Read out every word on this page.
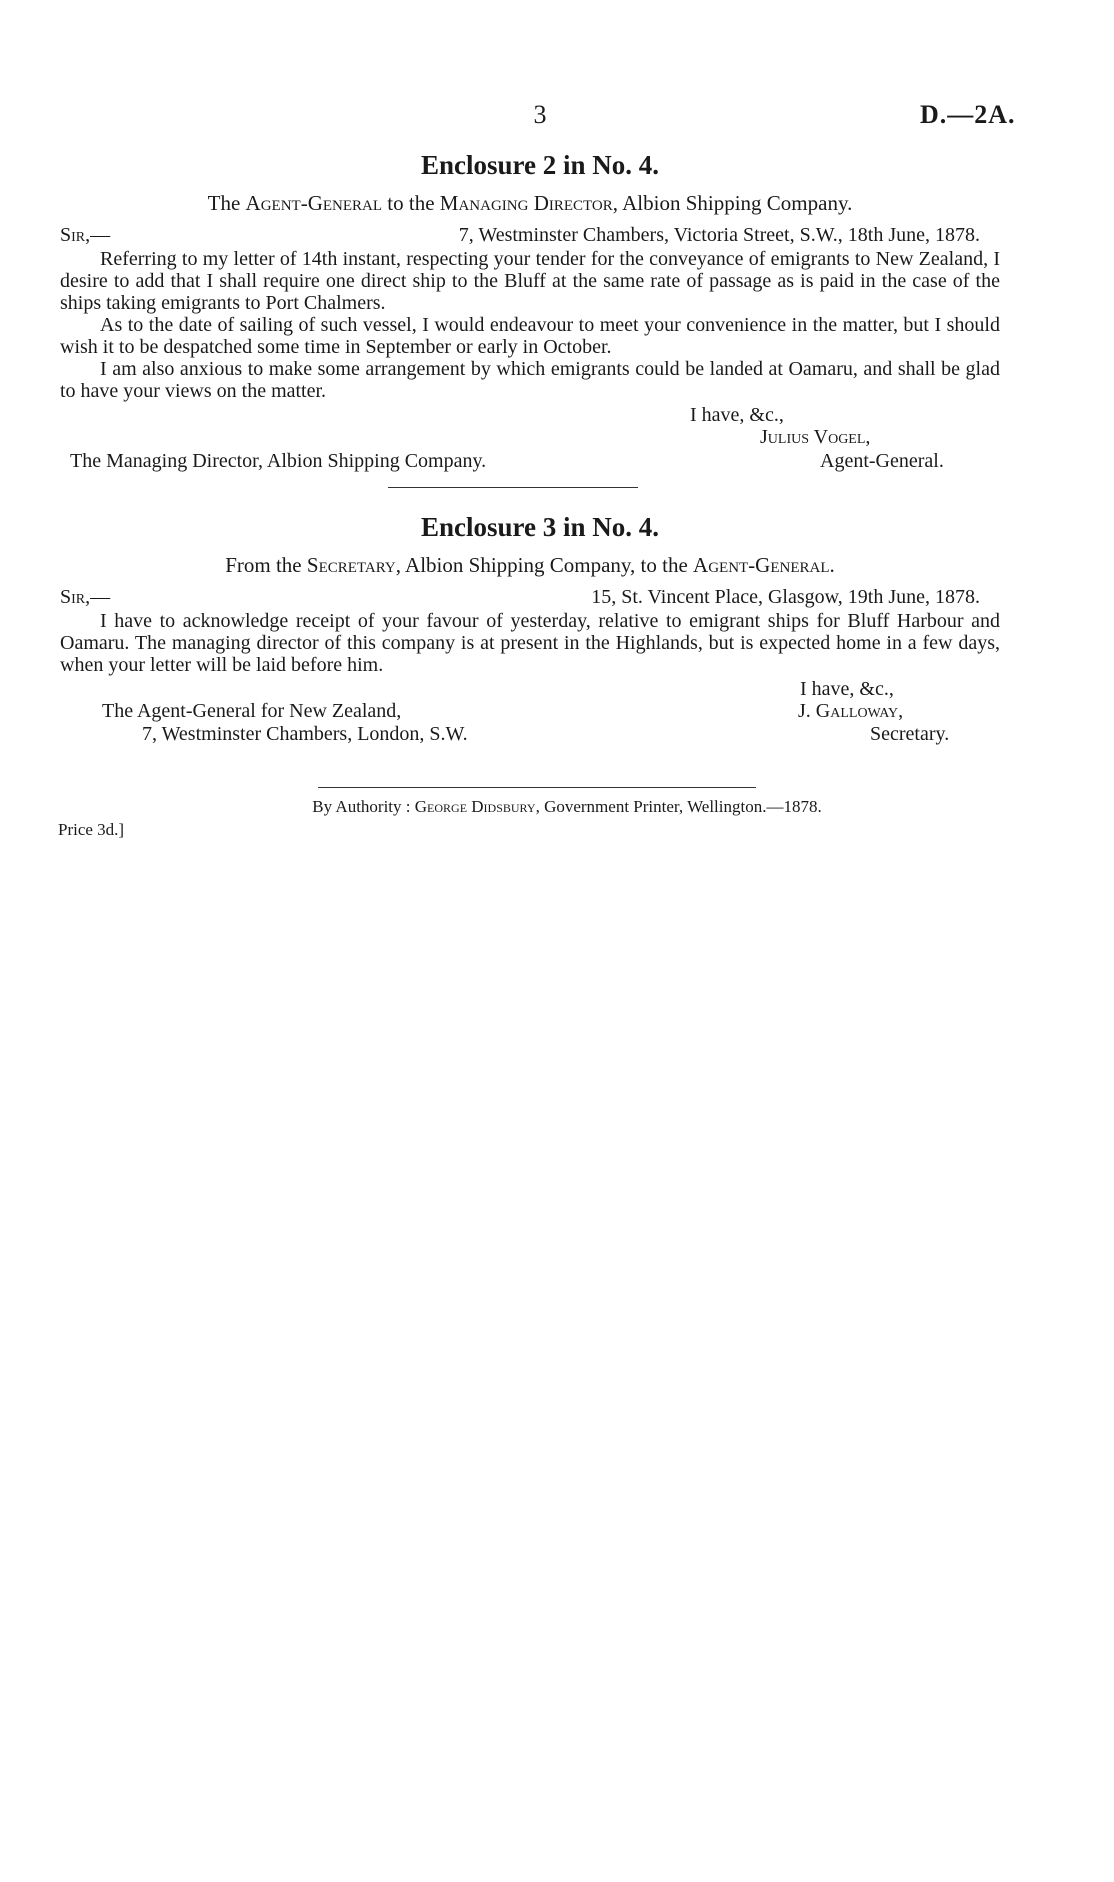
3	D.—2A.
Enclosure 2 in No. 4.

The Agent-General to the Managing Director, Albion Shipping Company.

Sir,—	7, Westminster Chambers, Victoria Street, S.W., 18th June, 1878.

Referring to my letter of 14th instant, respecting your tender for the conveyance of emigrants to New Zealand, I desire to add that I shall require one direct ship to the Bluff at the same rate of passage as is paid in the case of the ships taking emigrants to Port Chalmers.

As to the date of sailing of such vessel, I would endeavour to meet your convenience in the matter, but I should wish it to be despatched some time in September or early in October.

I am also anxious to make some arrangement by which emigrants could be landed at Oamaru, and shall be glad to have your views on the matter.

I have, &c.,
Julius Vogel,
The Managing Director, Albion Shipping Company.	Agent-General.
Enclosure 3 in No. 4.

From the Secretary, Albion Shipping Company, to the Agent-General.

Sir,—	15, St. Vincent Place, Glasgow, 19th June, 1878.

I have to acknowledge receipt of your favour of yesterday, relative to emigrant ships for Bluff Harbour and Oamaru. The managing director of this company is at present in the Highlands, but is expected home in a few days, when your letter will be laid before him.

I have, &c.,
The Agent-General for New Zealand,	J. Galloway,
7, Westminster Chambers, London, S.W.	Secretary.
By Authority : George Didsbury, Government Printer, Wellington.—1878.
Price 3d.]
